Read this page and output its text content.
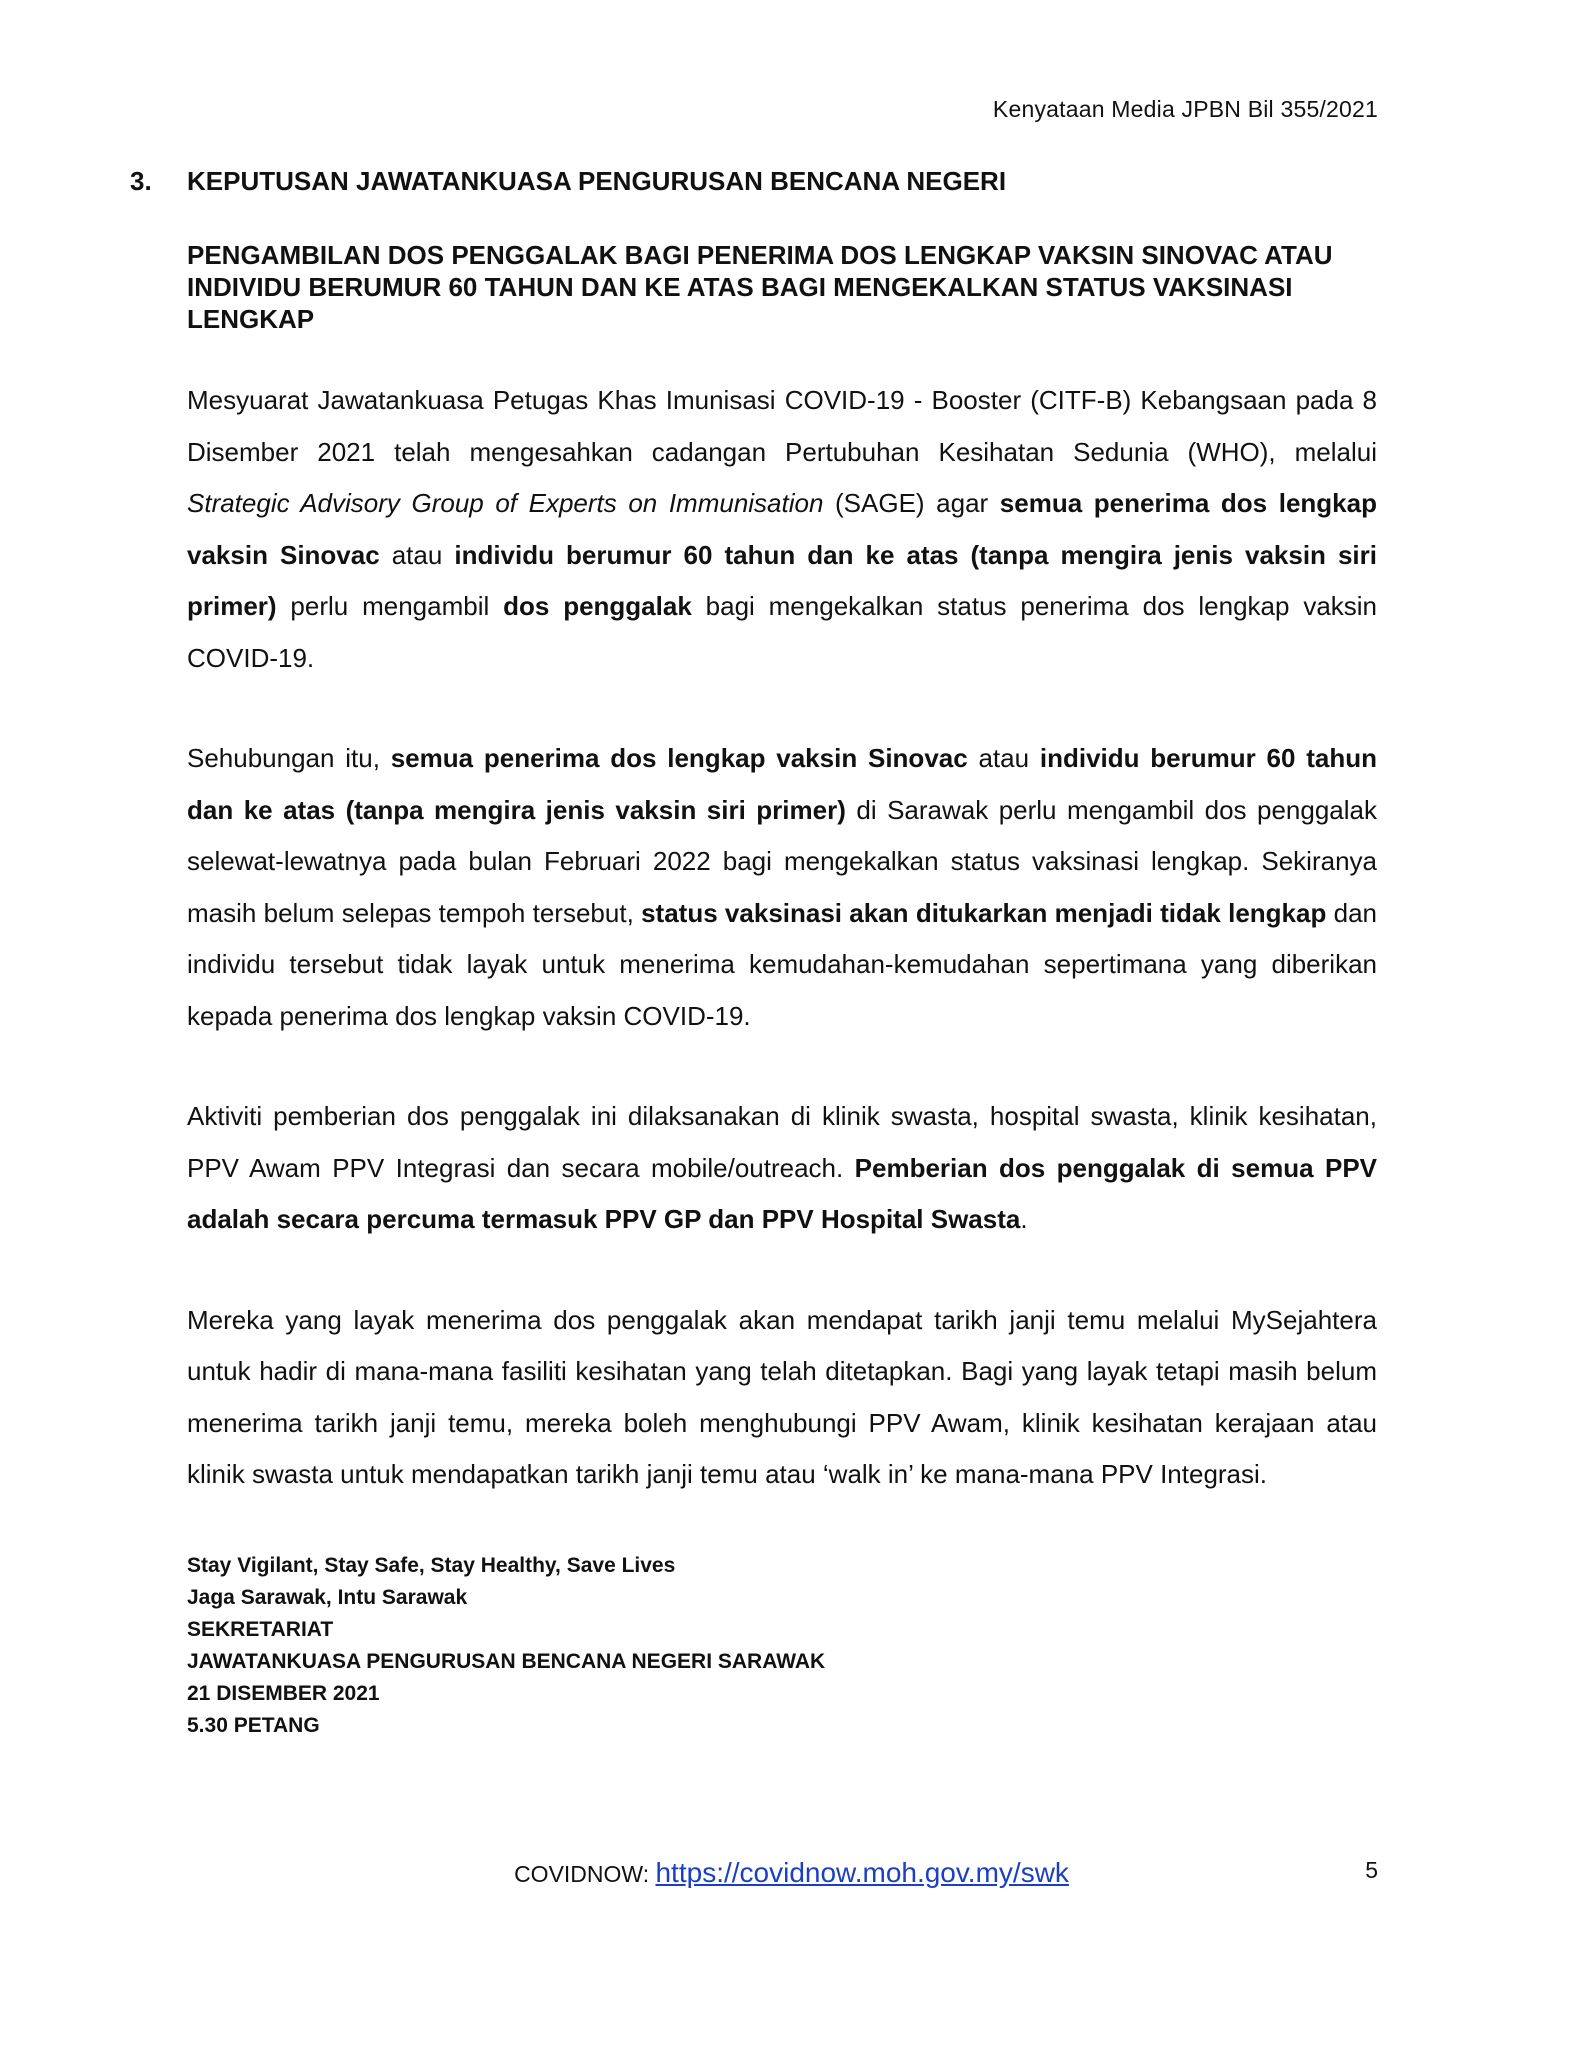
Kenyataan Media JPBN Bil 355/2021
3.	KEPUTUSAN JAWATANKUASA PENGURUSAN BENCANA NEGERI
PENGAMBILAN DOS PENGGALAK BAGI PENERIMA DOS LENGKAP VAKSIN SINOVAC ATAU INDIVIDU BERUMUR 60 TAHUN DAN KE ATAS BAGI MENGEKALKAN STATUS VAKSINASI LENGKAP

Mesyuarat Jawatankuasa Petugas Khas Imunisasi COVID-19 - Booster (CITF-B) Kebangsaan pada 8 Disember 2021 telah mengesahkan cadangan Pertubuhan Kesihatan Sedunia (WHO), melalui Strategic Advisory Group of Experts on Immunisation (SAGE) agar semua penerima dos lengkap vaksin Sinovac atau individu berumur 60 tahun dan ke atas (tanpa mengira jenis vaksin siri primer) perlu mengambil dos penggalak bagi mengekalkan status penerima dos lengkap vaksin COVID-19.

Sehubungan itu, semua penerima dos lengkap vaksin Sinovac atau individu berumur 60 tahun dan ke atas (tanpa mengira jenis vaksin siri primer) di Sarawak perlu mengambil dos penggalak selewat-lewatnya pada bulan Februari 2022 bagi mengekalkan status vaksinasi lengkap. Sekiranya masih belum selepas tempoh tersebut, status vaksinasi akan ditukarkan menjadi tidak lengkap dan individu tersebut tidak layak untuk menerima kemudahan-kemudahan sepertimana yang diberikan kepada penerima dos lengkap vaksin COVID-19.

Aktiviti pemberian dos penggalak ini dilaksanakan di klinik swasta, hospital swasta, klinik kesihatan, PPV Awam PPV Integrasi dan secara mobile/outreach. Pemberian dos penggalak di semua PPV adalah secara percuma termasuk PPV GP dan PPV Hospital Swasta.

Mereka yang layak menerima dos penggalak akan mendapat tarikh janji temu melalui MySejahtera untuk hadir di mana-mana fasiliti kesihatan yang telah ditetapkan. Bagi yang layak tetapi masih belum menerima tarikh janji temu, mereka boleh menghubungi PPV Awam, klinik kesihatan kerajaan atau klinik swasta untuk mendapatkan tarikh janji temu atau ‘walk in’ ke mana-mana PPV Integrasi.

Stay Vigilant, Stay Safe, Stay Healthy, Save Lives
Jaga Sarawak, Intu Sarawak
SEKRETARIAT
JAWATANKUASA PENGURUSAN BENCANA NEGERI SARAWAK
21 DISEMBER 2021
5.30 PETANG
COVIDNOW: https://covidnow.moh.gov.my/swk	5
